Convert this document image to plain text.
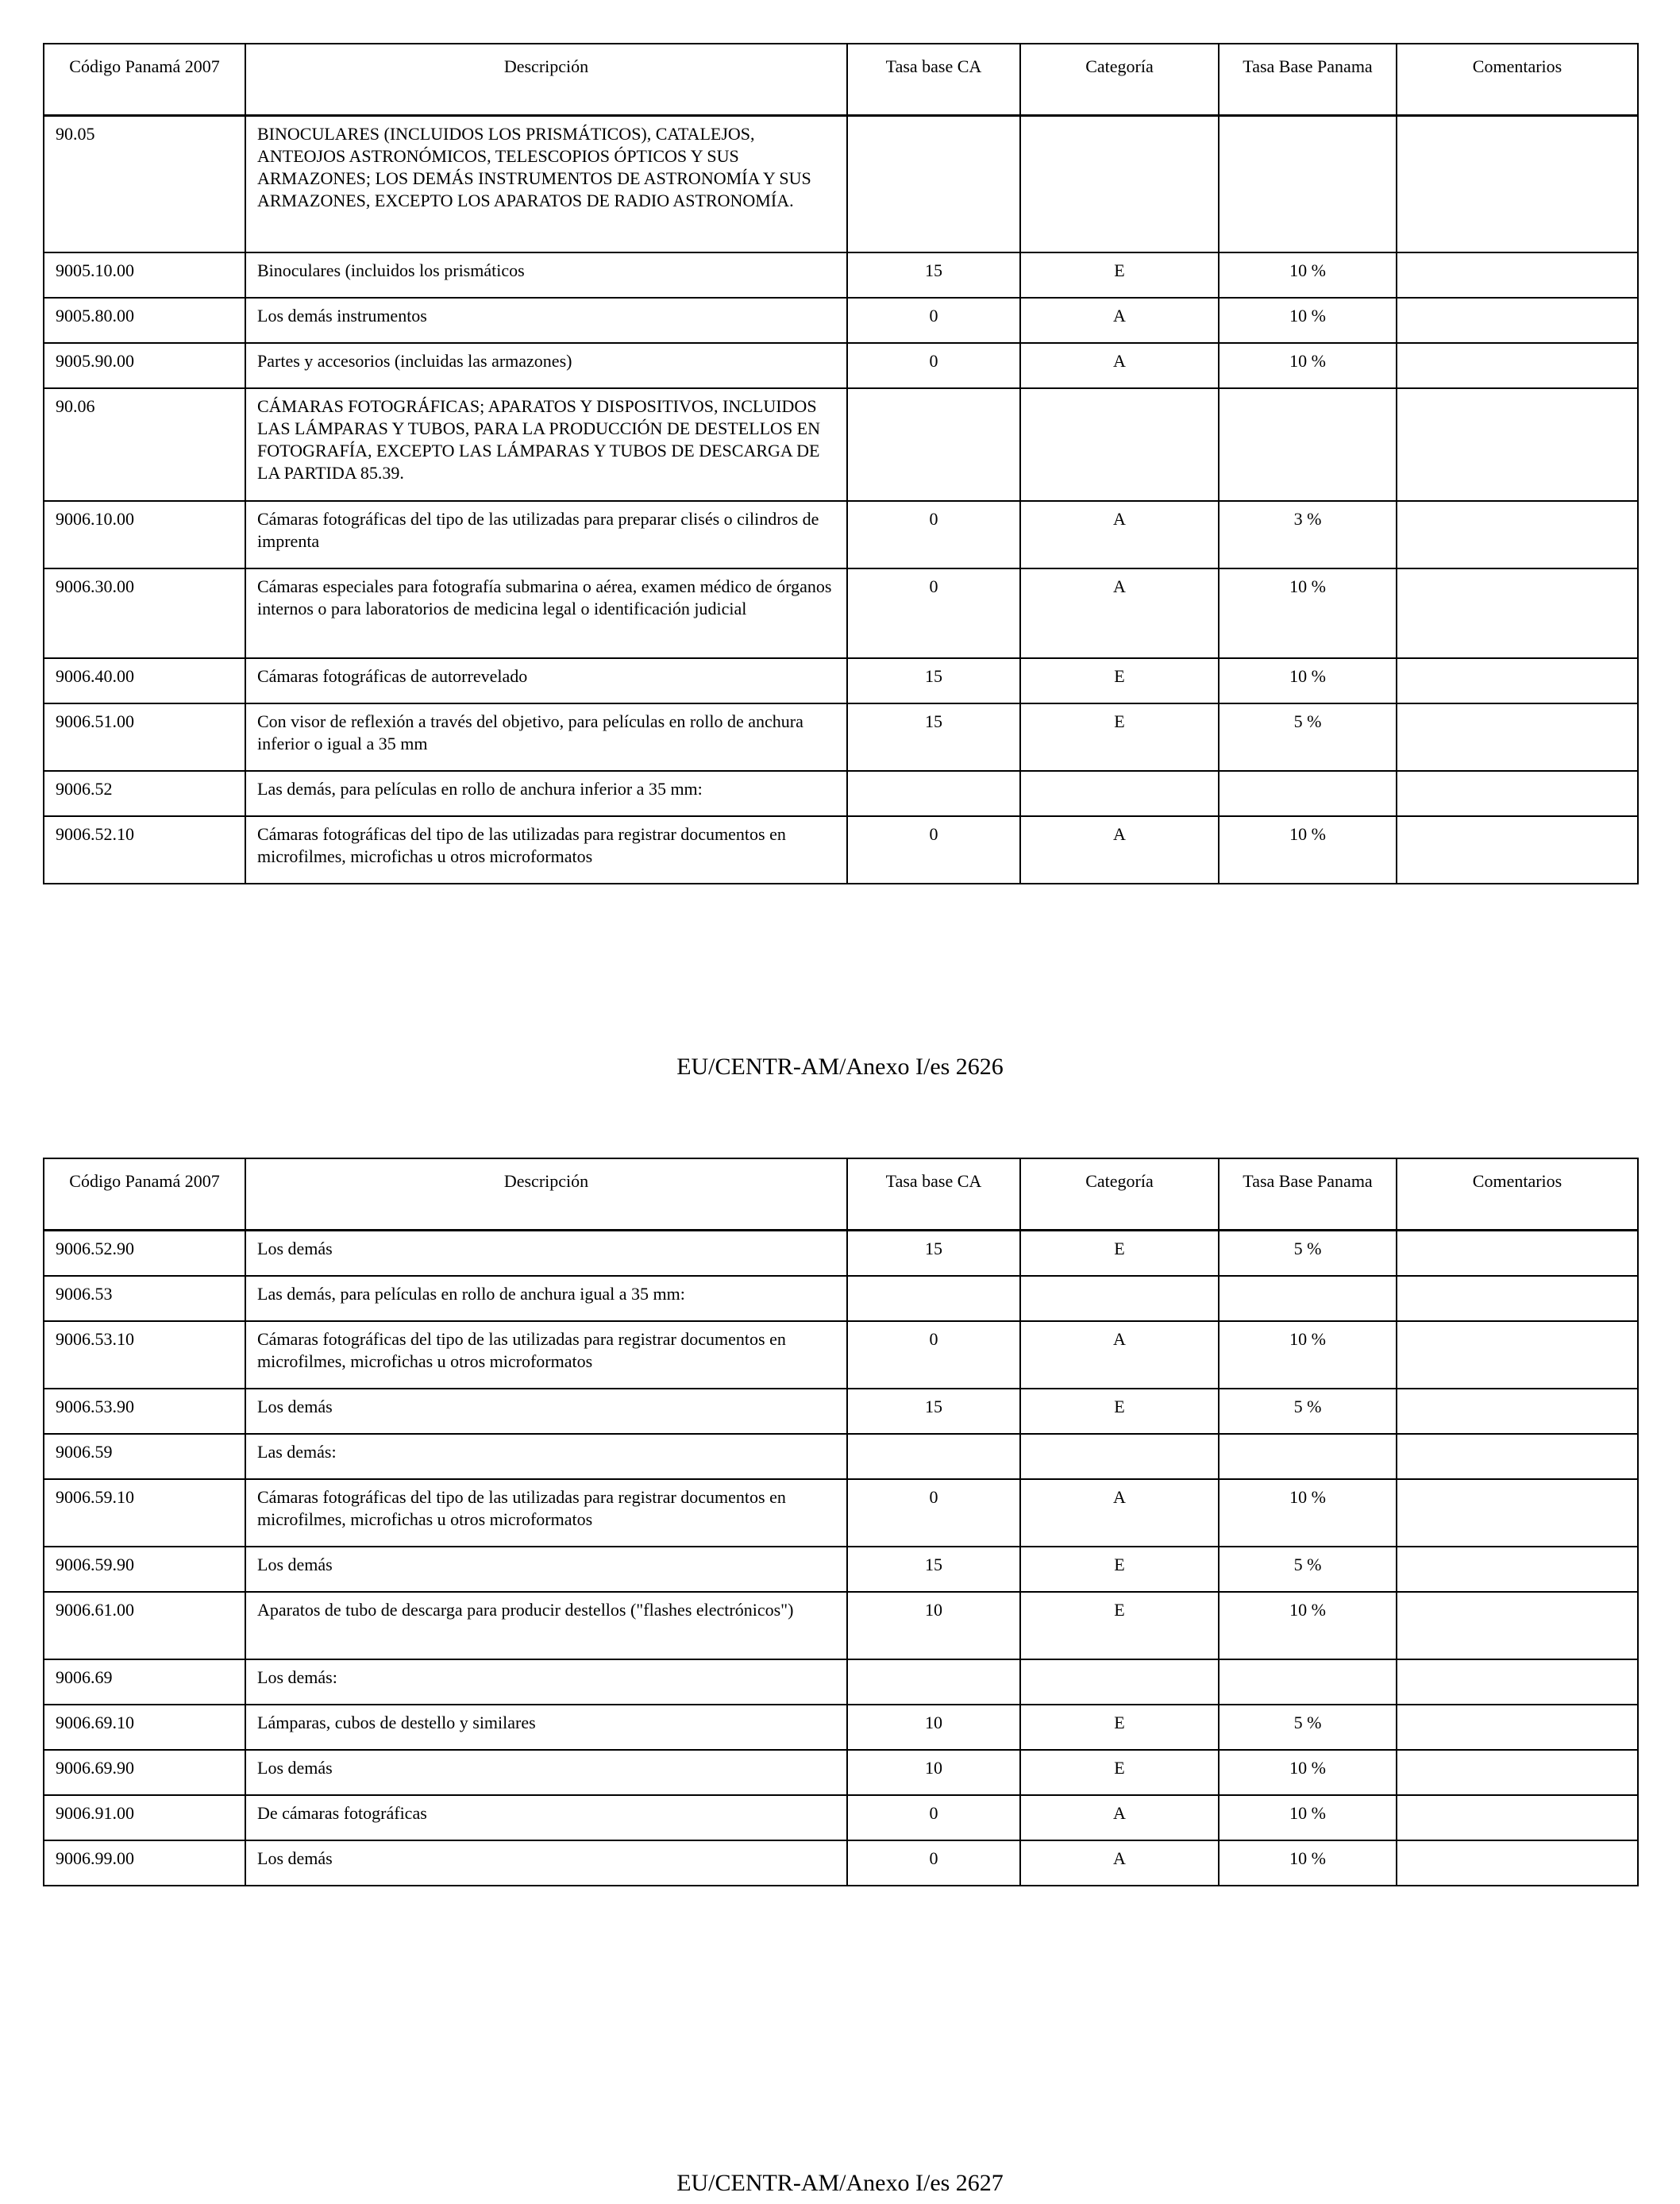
Código Panamá 2007	Descripción	Tasa base CA	Categoría	Tasa Base Panama	Comentarios
90.05	BINOCULARES (INCLUIDOS LOS PRISMÁTICOS), CATALEJOS, ANTEOJOS ASTRONÓMICOS, TELESCOPIOS ÓPTICOS Y SUS ARMAZONES; LOS DEMÁS INSTRUMENTOS DE ASTRONOMÍA Y SUS ARMAZONES, EXCEPTO LOS APARATOS DE RADIO ASTRONOMÍA.				
9005.10.00	Binoculares (incluidos los prismáticos	15	E	10 %	
9005.80.00	Los demás instrumentos	0	A	10 %	
9005.90.00	Partes y accesorios (incluidas las armazones)	0	A	10 %	
90.06	CÁMARAS FOTOGRÁFICAS; APARATOS Y DISPOSITIVOS, INCLUIDOS LAS LÁMPARAS Y TUBOS, PARA LA PRODUCCIÓN DE DESTELLOS EN FOTOGRAFÍA, EXCEPTO LAS LÁMPARAS Y TUBOS DE DESCARGA DE LA PARTIDA 85.39.				
9006.10.00	Cámaras fotográficas del tipo de las utilizadas para preparar clisés o cilindros de imprenta	0	A	3 %	
9006.30.00	Cámaras especiales para fotografía submarina o aérea, examen médico de órganos internos o para laboratorios de medicina legal o identificación judicial	0	A	10 %	
9006.40.00	Cámaras fotográficas de autorrevelado	15	E	10 %	
9006.51.00	Con visor de reflexión a través del objetivo, para películas en rollo de anchura inferior o igual a 35 mm	15	E	5 %	
9006.52	Las demás, para películas en rollo de anchura inferior a 35 mm:				
9006.52.10	Cámaras fotográficas del tipo de las utilizadas para registrar documentos en microfilmes, microfichas u otros microformatos	0	A	10 %	
EU/CENTR-AM/Anexo I/es 2626
Código Panamá 2007	Descripción	Tasa base CA	Categoría	Tasa Base Panama	Comentarios
9006.52.90	Los demás	15	E	5 %	
9006.53	Las demás, para películas en rollo de anchura igual a 35 mm:				
9006.53.10	Cámaras fotográficas del tipo de las utilizadas para registrar documentos en microfilmes, microfichas u otros microformatos	0	A	10 %	
9006.53.90	Los demás	15	E	5 %	
9006.59	Las demás:				
9006.59.10	Cámaras fotográficas del tipo de las utilizadas para registrar documentos en microfilmes, microfichas u otros microformatos	0	A	10 %	
9006.59.90	Los demás	15	E	5 %	
9006.61.00	Aparatos de tubo de descarga para producir destellos ("flashes electrónicos")	10	E	10 %	
9006.69	Los demás:				
9006.69.10	Lámparas, cubos de destello y similares	10	E	5 %	
9006.69.90	Los demás	10	E	10 %	
9006.91.00	De cámaras fotográficas	0	A	10 %	
9006.99.00	Los demás	0	A	10 %	
EU/CENTR-AM/Anexo I/es 2627
